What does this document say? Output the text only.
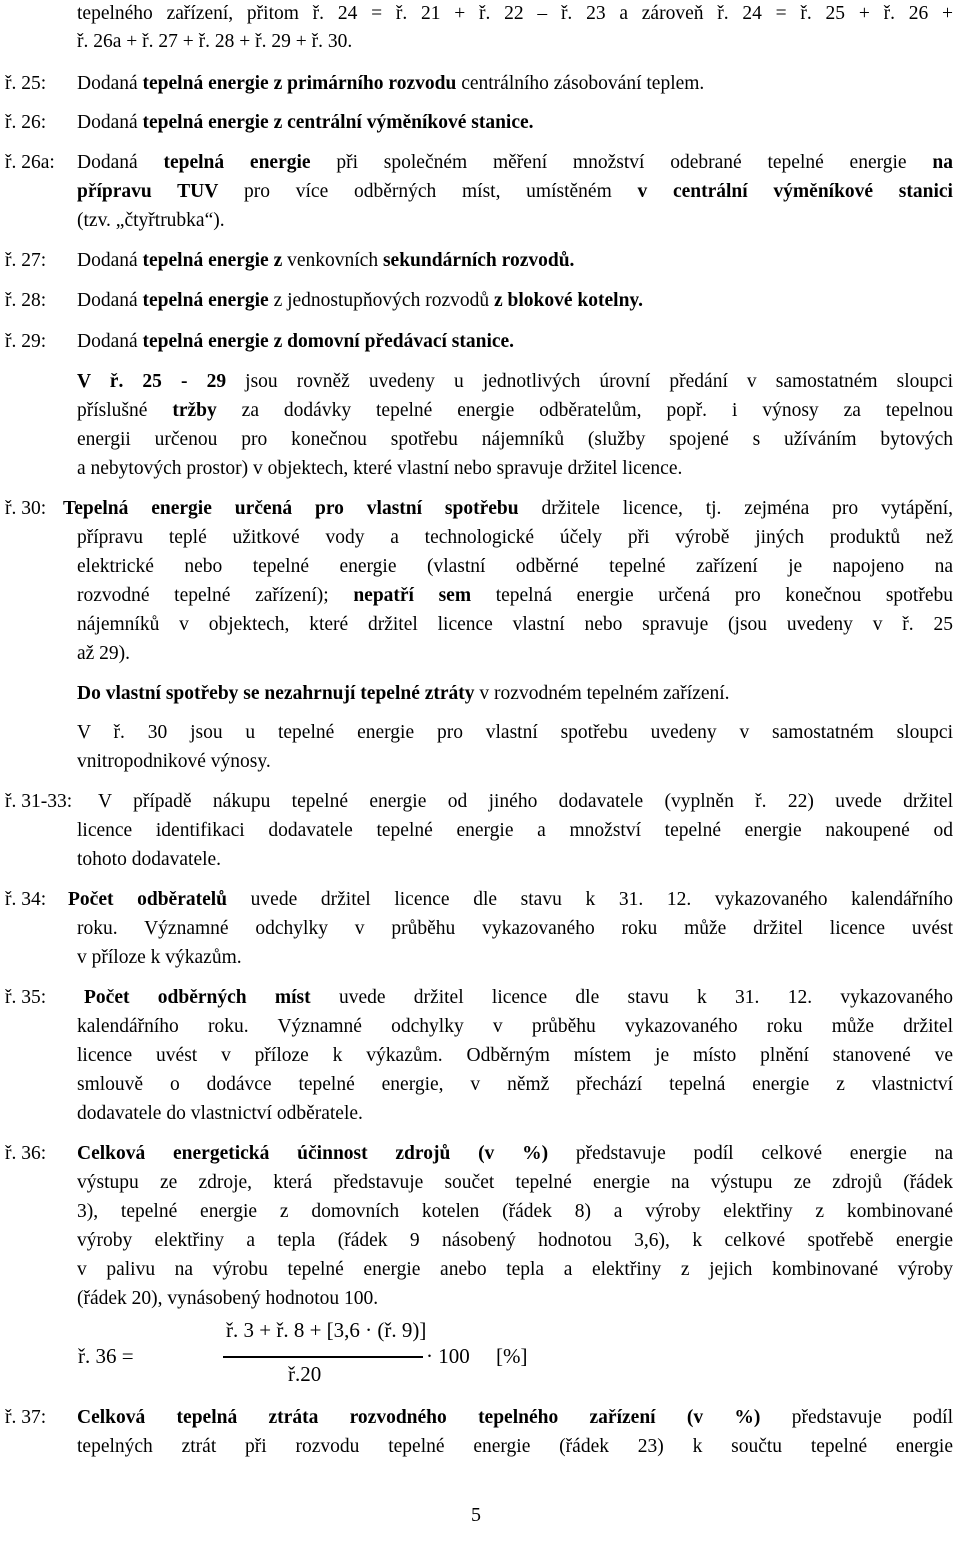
tepelného zařízení, přitom ř. 24 = ř. 21 + ř. 22 – ř. 23 a zároveň ř. 24 = ř. 25 + ř. 26 +
ř. 26a + ř. 27 + ř. 28 + ř. 29 + ř. 30.
ř. 25: Dodaná tepelná energie z primárního rozvodu centrálního zásobování teplem.
ř. 26: Dodaná tepelná energie z centrální výměníkové stanice.
ř. 26a: Dodaná tepelná energie při společném měření množství odebrané tepelné energie na
přípravu TUV pro více odběrných míst, umístěném v centrální výměníkové stanici
(tzv. „čtyřtrubka“).
ř. 27: Dodaná tepelná energie z venkovních sekundárních rozvodů.
ř. 28: Dodaná tepelná energie z jednostupňových rozvodů z blokové kotelny.
ř. 29: Dodaná tepelná energie z domovní předávací stanice.
V ř. 25 - 29 jsou rovněž uvedeny u jednotlivých úrovní předání v samostatném sloupci
příslušné tržby za dodávky tepelné energie odběratelům, popř. i výnosy za tepelnou
energii určenou pro konečnou spotřebu nájemníků (služby spojené s užíváním bytových
a nebytových prostor) v objektech, které vlastní nebo spravuje držitel licence.
ř. 30: Tepelná energie určená pro vlastní spotřebu držitele licence, tj. zejména pro vytápění,
přípravu teplé užitkové vody a technologické účely při výrobě jiných produktů než
elektrické nebo tepelné energie (vlastní odběrné tepelné zařízení je napojeno na
rozvodné tepelné zařízení); nepatří sem tepelná energie určená pro konečnou spotřebu
nájemníků v objektech, které držitel licence vlastní nebo spravuje (jsou uvedeny v ř. 25
až 29).
Do vlastní spotřeby se nezahrnují tepelné ztráty v rozvodném tepelném zařízení.
V ř. 30 jsou u tepelné energie pro vlastní spotřebu uvedeny v samostatném sloupci
vnitropodnikové výnosy.
ř. 31-33: V případě nákupu tepelné energie od jiného dodavatele (vyplněn ř. 22) uvede držitel
licence identifikaci dodavatele tepelné energie a množství tepelné energie nakoupené od
tohoto dodavatele.
ř. 34: Počet odběratelů uvede držitel licence dle stavu k 31. 12. vykazovaného kalendářního
roku. Významné odchylky v průběhu vykazovaného roku může držitel licence uvést
v příloze k výkazům.
ř. 35: Počet odběrných míst uvede držitel licence dle stavu k 31. 12. vykazovaného
kalendářního roku. Významné odchylky v průběhu vykazovaného roku může držitel
licence uvést v příloze k výkazům. Odběrným místem je místo plnění stanovené ve
smlouvě o dodávce tepelné energie, v němž přechází tepelná energie z vlastnictví
dodavatele do vlastnictví odběratele.
ř. 36: Celková energetická účinnost zdrojů (v %) představuje podíl celkové energie na
výstupu ze zdroje, která představuje součet tepelné energie na výstupu ze zdrojů (řádek
3), tepelné energie z domovních kotelen (řádek 8) a výroby elektřiny z kombinované
výroby elektřiny a tepla (řádek 9 násobený hodnotou 3,6), k celkové spotřebě energie
v palivu na výrobu tepelné energie anebo tepla a elektřiny z jejich kombinované výroby
(řádek 20), vynásobený hodnotou 100.
ř. 36 =
ř. 3 + ř. 8 + [3,6 · (ř. 9)]
ř.20
· 100 [%]
ř. 37: Celková tepelná ztráta rozvodného tepelného zařízení (v %) představuje podíl
tepelných ztrát při rozvodu tepelné energie (řádek 23) k součtu tepelné energie
5
